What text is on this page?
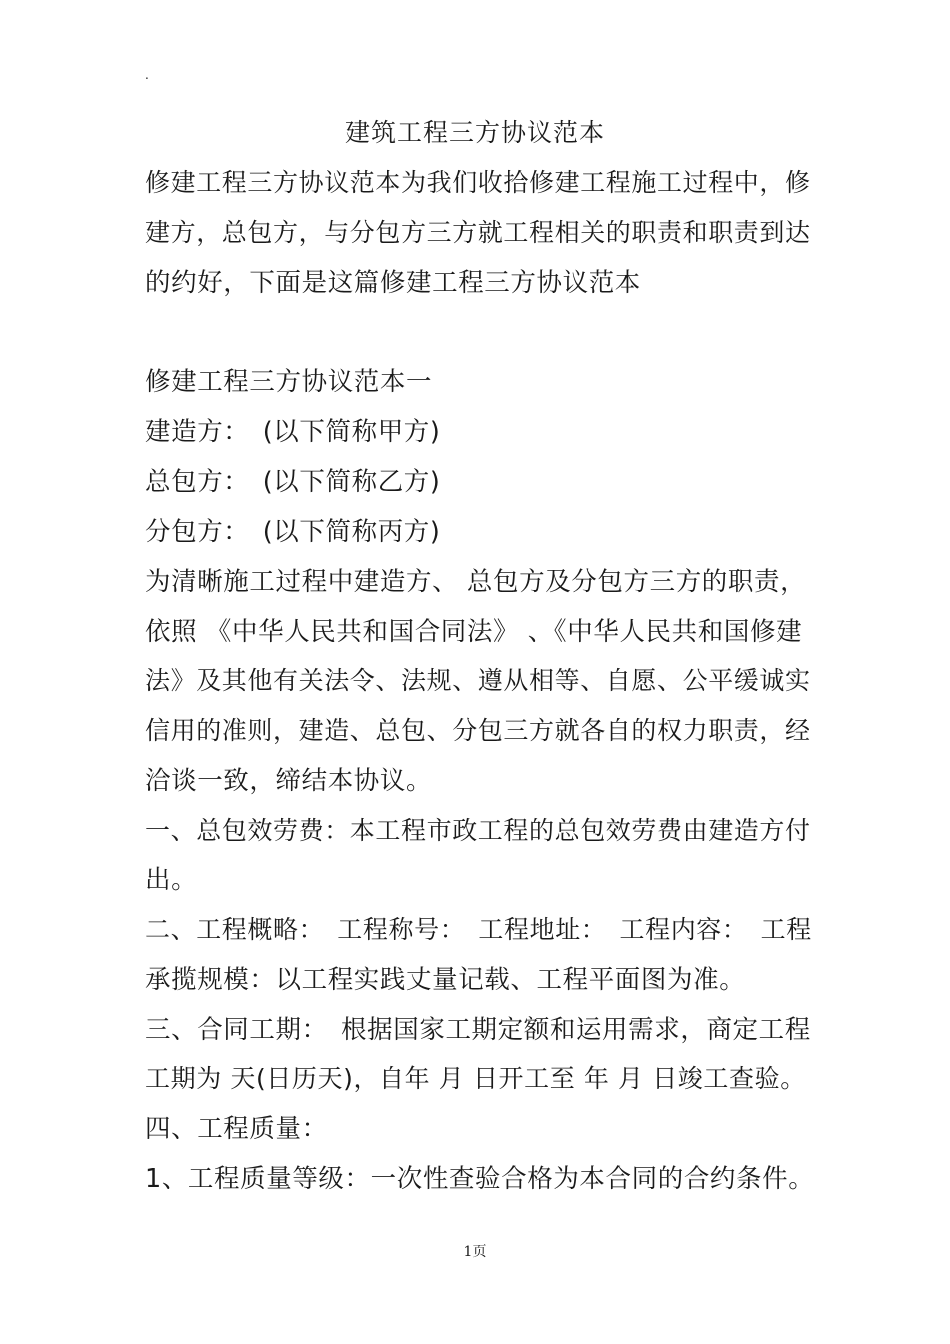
.
建筑工程三方协议范本
修建工程三方协议范本为我们收拾修建工程施工过程中，修
建方，总包方，与分包方三方就工程相关的职责和职责到达
的约好，下面是这篇修建工程三方协议范本
修建工程三方协议范本一
建造方：　(以下简称甲方)
总包方：　(以下简称乙方)
分包方：　(以下简称丙方)
为清晰施工过程中建造方、 总包方及分包方三方的职责，
依照 《中华人民共和国合同法》 、《中华人民共和国修建
法》及其他有关法令、法规、遵从相等、自愿、公平缓诚实
信用的准则，建造、总包、分包三方就各自的权力职责，经
洽谈一致，缔结本协议。
一、总包效劳费：本工程市政工程的总包效劳费由建造方付
出。
二、工程概略：　工程称号：　工程地址：　工程内容：　工程
承揽规模：以工程实践丈量记载、工程平面图为准。
三、合同工期：　根据国家工期定额和运用需求，商定工程
工期为 天(日历天)，自年 月 日开工至 年 月 日竣工查验。
四、工程质量：
1、工程质量等级：一次性查验合格为本合同的合约条件。
1页
